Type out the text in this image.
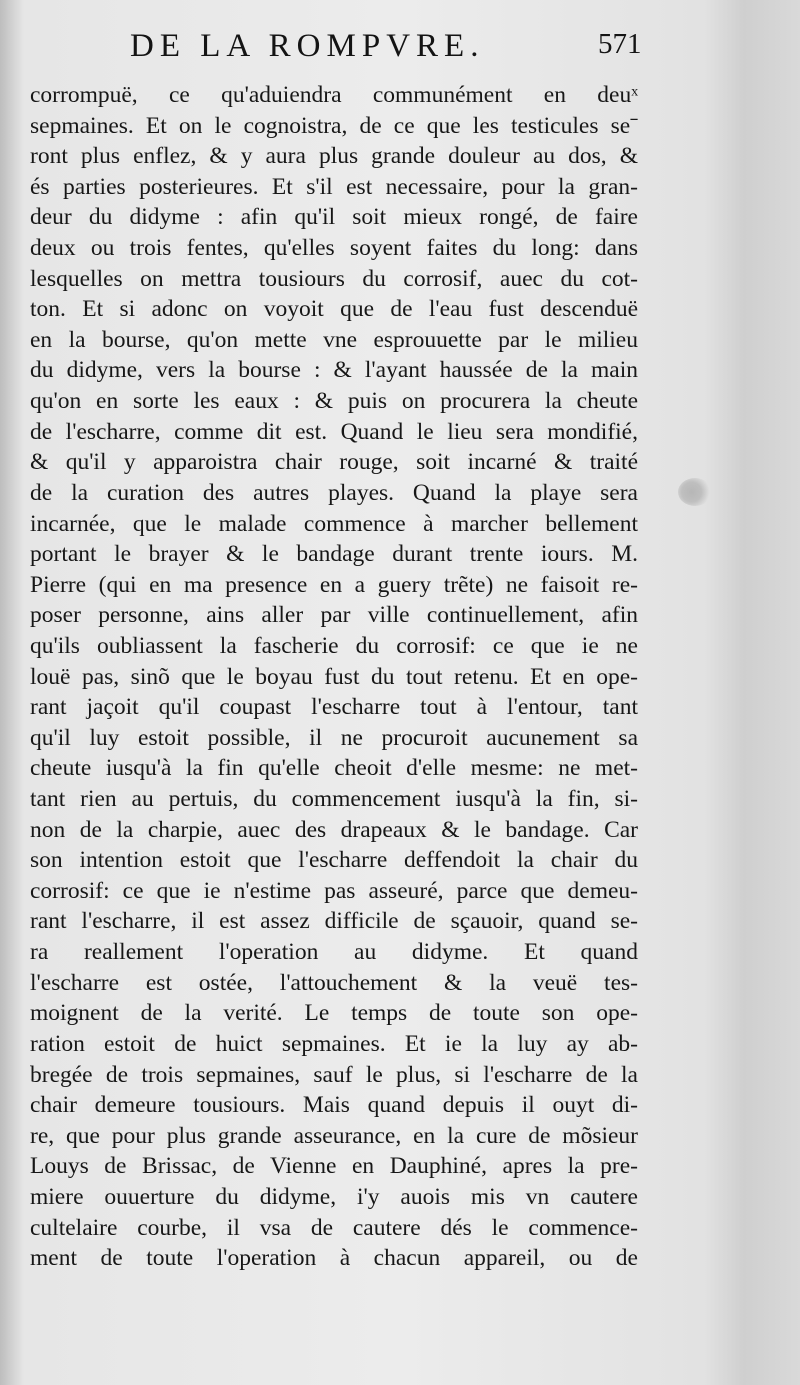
DE LA ROMPVRE.	571
corrompuë, ce qu'aduiendra communément en deuˣ
sepmaines. Et on le cognoistra, de ce que les testicules seˉ
ront plus enflez, & y aura plus grande douleur au dos, &
és parties posterieures. Et s'il est necessaire, pour la gran-
deur du didyme : afin qu'il soit mieux rongé, de faire
deux ou trois fentes, qu'elles soyent faites du long: dans
lesquelles on mettra tousiours du corrosif, auec du cot-
ton. Et si adonc on voyoit que de l'eau fust descenduë
en la bourse, qu'on mette vne esprouuette par le milieu
du didyme, vers la bourse : & l'ayant haussée de la main
qu'on en sorte les eaux : & puis on procurera la cheute
de l'escharre, comme dit est. Quand le lieu sera mondifié,
& qu'il y apparoistra chair rouge, soit incarné & traité
de la curation des autres playes. Quand la playe sera
incarnée, que le malade commence à marcher bellement
portant le brayer & le bandage durant trente iours. M.
Pierre (qui en ma presence en a guery trẽte) ne faisoit re-
poser personne, ains aller par ville continuellement, afin
qu'ils oubliassent la fascherie du corrosif: ce que ie ne
louë pas, sinõ que le boyau fust du tout retenu. Et en ope-
rant jaçoit qu'il coupast l'escharre tout à l'entour, tant
qu'il luy estoit possible, il ne procuroit aucunement sa
cheute iusqu'à la fin qu'elle cheoit d'elle mesme: ne met-
tant rien au pertuis, du commencement iusqu'à la fin, si-
non de la charpie, auec des drapeaux & le bandage. Car
son intention estoit que l'escharre deffendoit la chair du
corrosif: ce que ie n'estime pas asseuré, parce que demeu-
rant l'escharre, il est assez difficile de sçauoir, quand se-
ra reallement l'operation au didyme. Et quand
l'escharre est ostée, l'attouchement & la veuë tes-
moignent de la verité. Le temps de toute son ope-
ration estoit de huict sepmaines. Et ie la luy ay ab-
bregée de trois sepmaines, sauf le plus, si l'escharre de la
chair demeure tousiours. Mais quand depuis il ouyt di-
re, que pour plus grande asseurance, en la cure de mõsieur
Louys de Brissac, de Vienne en Dauphiné, apres la pre-
miere ouuerture du didyme, i'y auois mis vn cautere
cultelaire courbe, il vsa de cautere dés le commence-
ment de toute l'operation à chacun appareil, ou de
